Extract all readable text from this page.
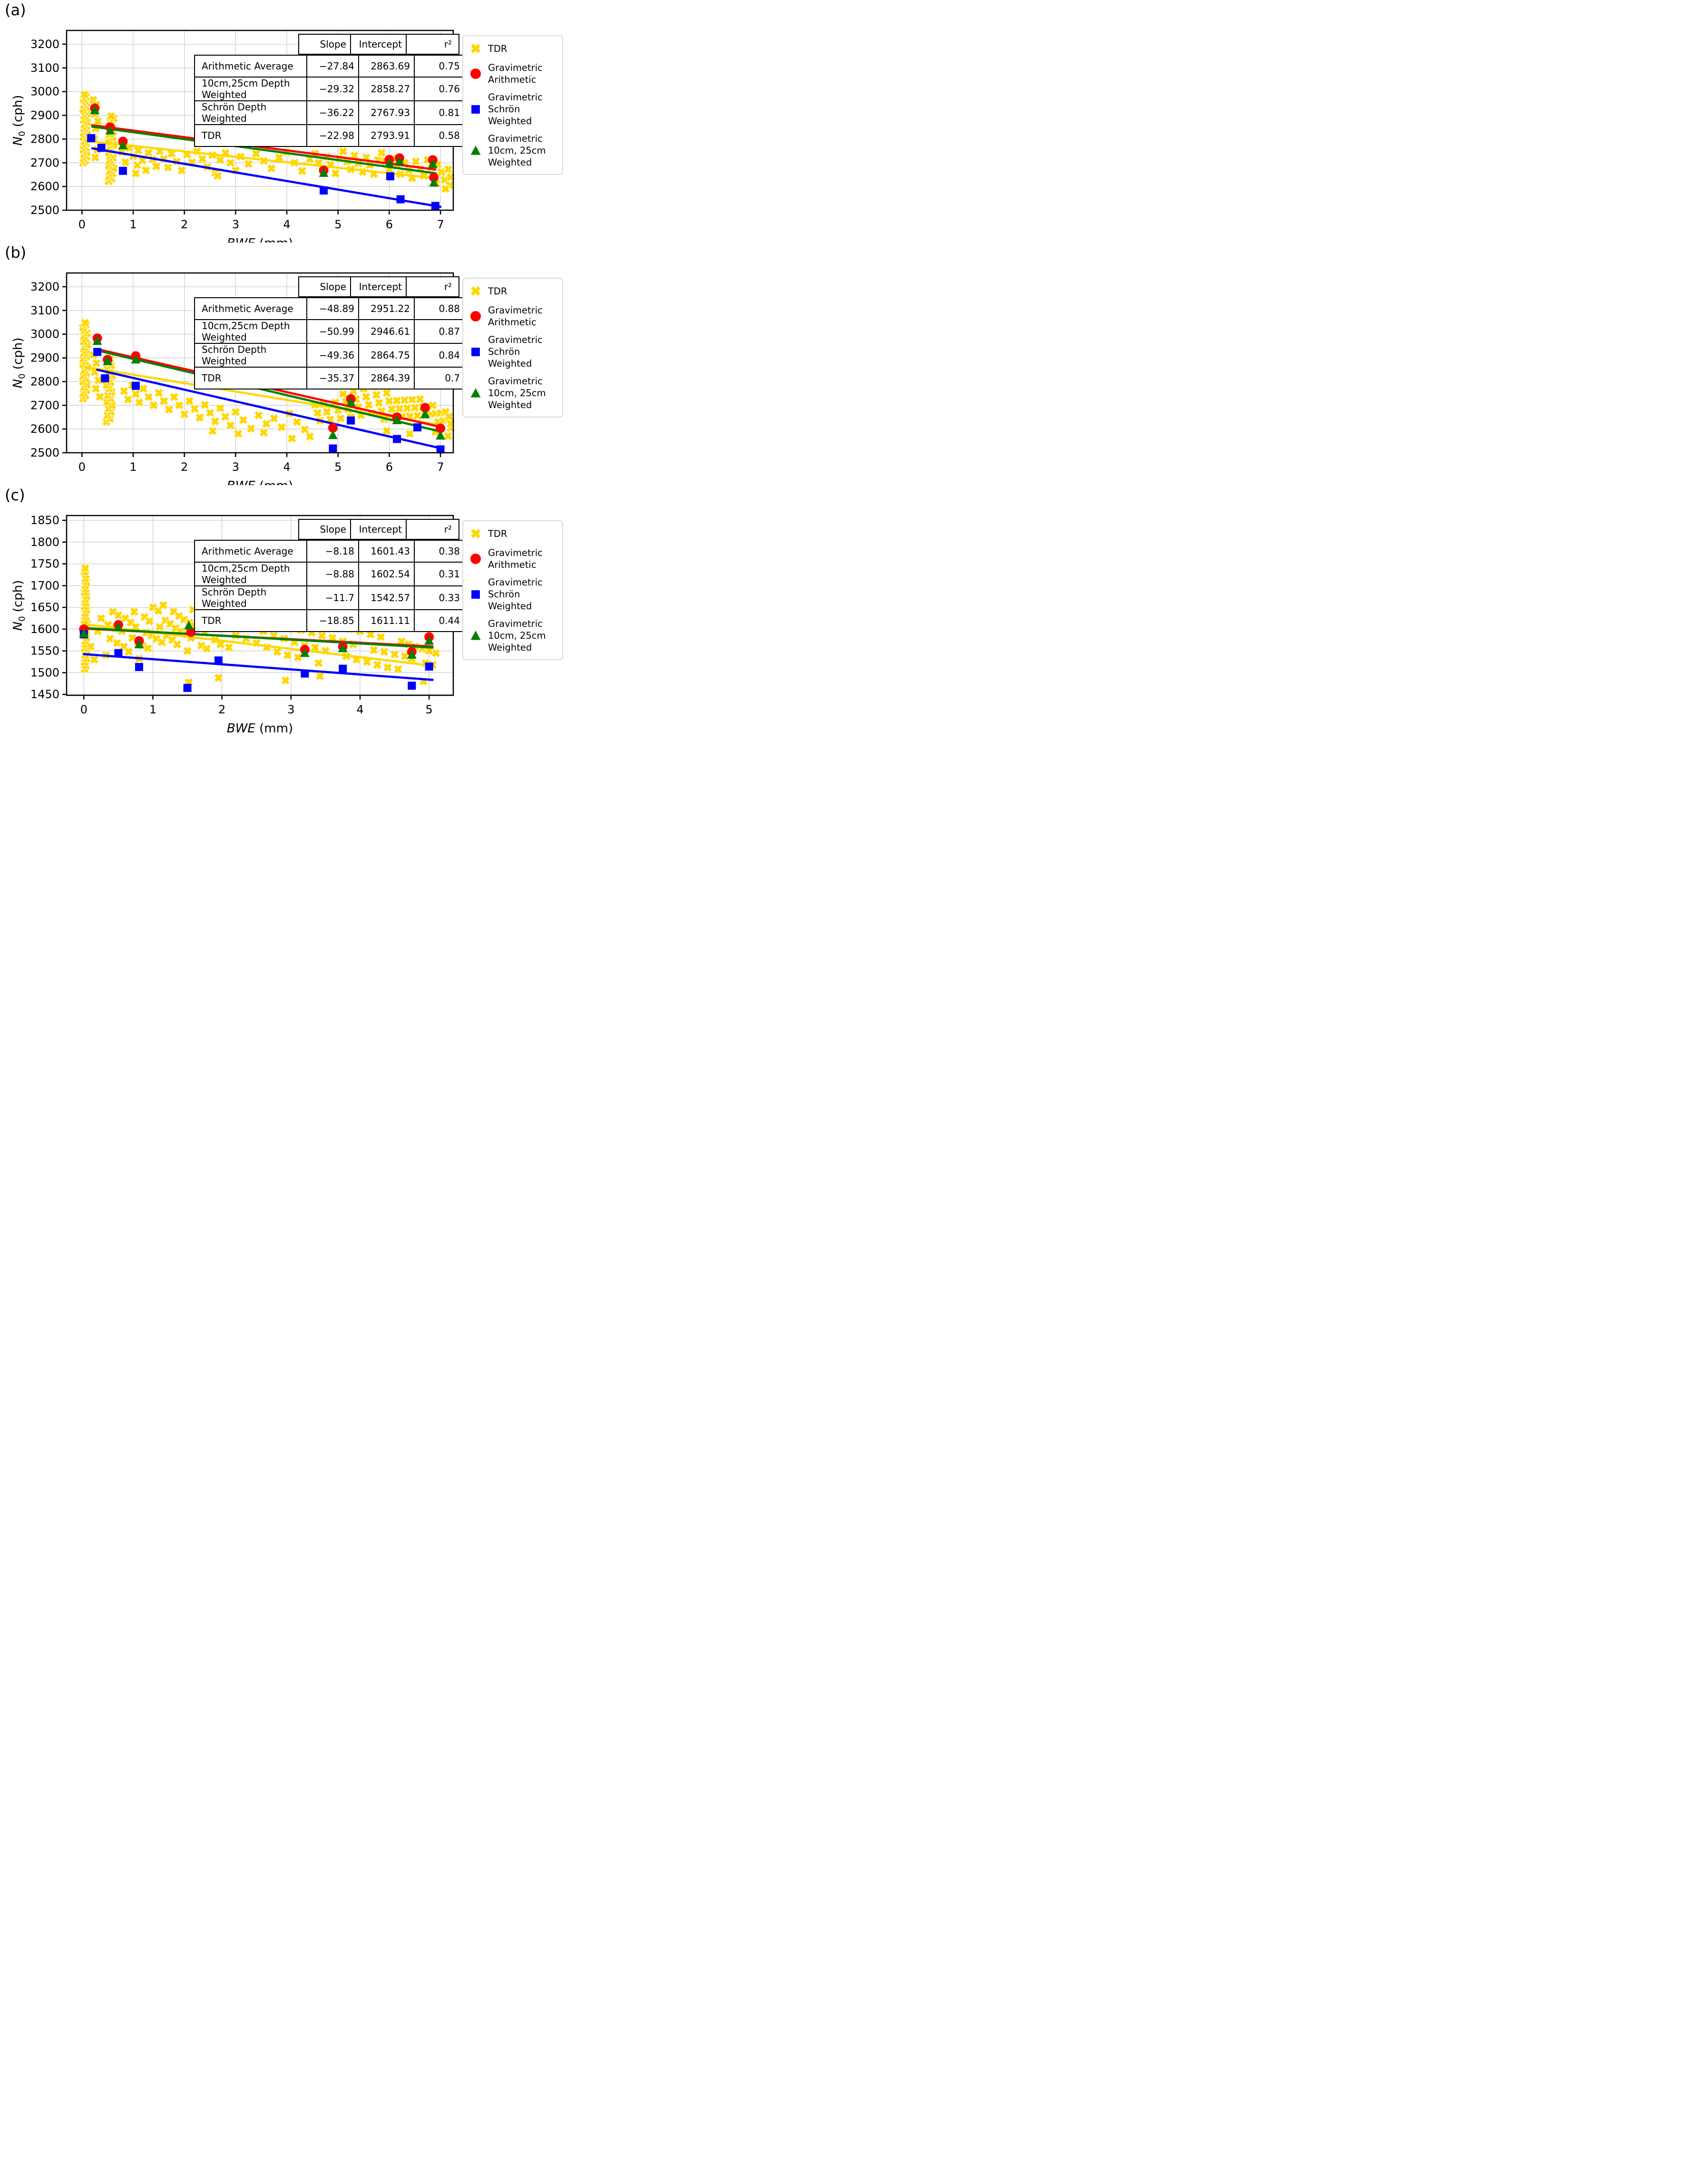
(a)
0	1	2	3	4	5	6	7
2500
2600
2700
2800
2900
3000
3100
3200
$N_0$ (cph)
Slope	Intercept	r²
Arithmetic Average	−27.84	2863.69	0.75
10cm,25cm Depth Weighted	−29.32	2858.27	0.76
Schrön Depth Weighted	−36.22	2767.93	0.81
TDR	−22.98	2793.91	0.58
TDR
Gravimetric
Arithmetic
Gravimetric
Schrön Weighted
Gravimetric
10cm, 25cm
Weighted
(b)
0	1	2	3	4	5	6	7
2500
2600
2700
2800
2900
3000
3100
3200
$N_0$ (cph)
Slope	Intercept	r²
Arithmetic Average	−48.89	2951.22	0.88
10cm,25cm Depth Weighted	−50.99	2946.61	0.87
Schrön Depth Weighted	−49.36	2864.75	0.84
TDR	−35.37	2864.39	0.7
TDR
Gravimetric
Arithmetic
Gravimetric
Schrön Weighted
Gravimetric
10cm, 25cm
Weighted
(c)
0	1	2	3	4	5
1450
1500
1550
1600
1650
1700
1750
1800
1850
BWE (mm)
$N_0$ (cph)
Slope	Intercept	r²
Arithmetic Average	−8.18	1601.43	0.38
10cm,25cm Depth Weighted	−8.88	1602.54	0.31
Schrön Depth Weighted	−11.7	1542.57	0.33
TDR	−18.85	1611.11	0.44
TDR
Gravimetric
Arithmetic
Gravimetric
Schrön Weighted
Gravimetric
10cm, 25cm
Weighted
